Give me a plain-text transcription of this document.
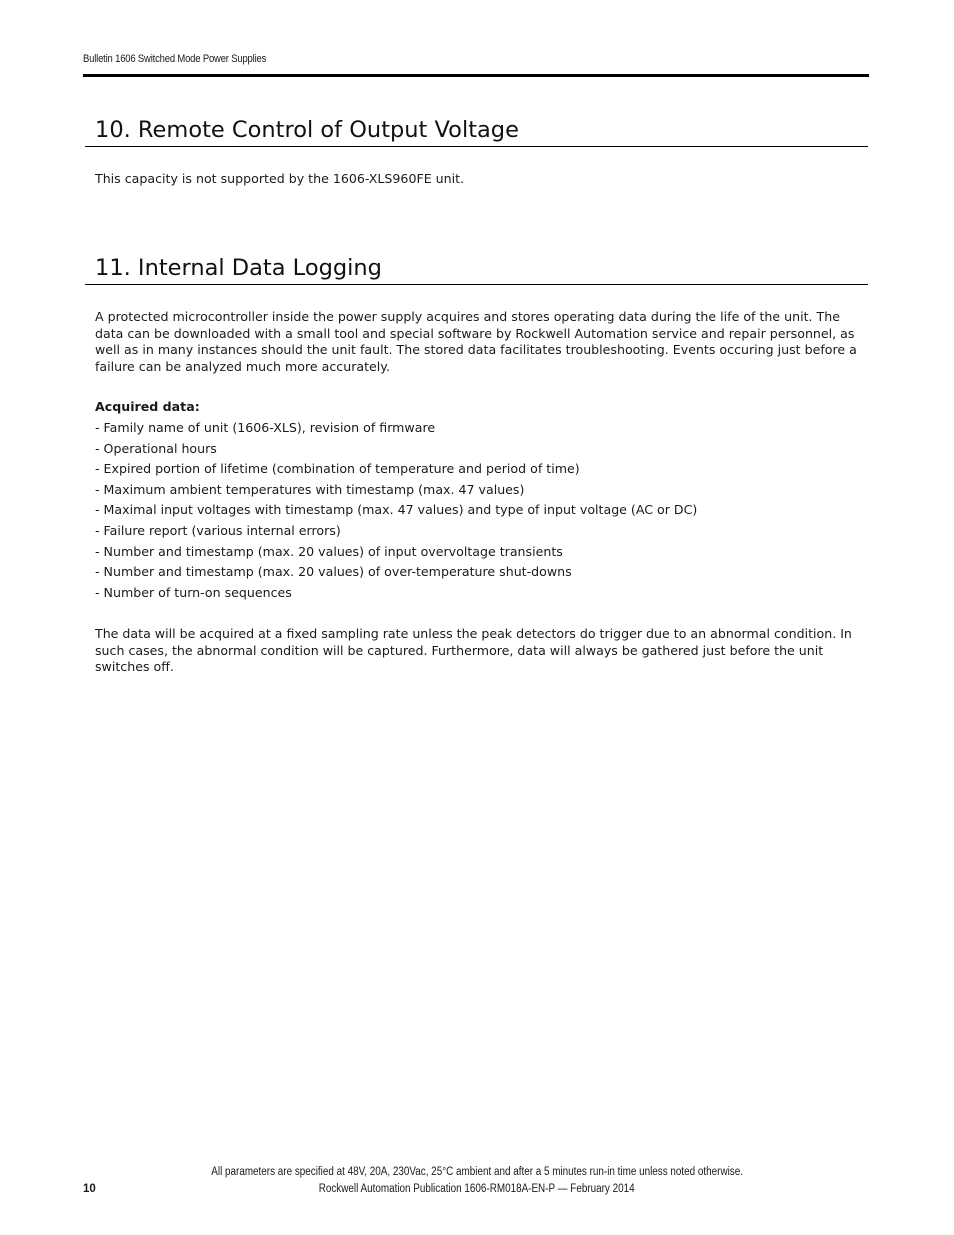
Bulletin 1606 Switched Mode Power Supplies
10. Remote Control of Output Voltage

This capacity is not supported by the 1606-XLS960FE unit.

11. Internal Data Logging

A protected microcontroller inside the power supply acquires and stores operating data during the life of the unit. The data can be downloaded with a small tool and special software by Rockwell Automation service and repair personnel, as well as in many instances should the unit fault. The stored data facilitates troubleshooting. Events occuring just before a failure can be analyzed much more accurately.

Acquired data:

- Family name of unit (1606-XLS), revision of firmware
- Operational hours
- Expired portion of lifetime (combination of temperature and period of time)
- Maximum ambient temperatures with timestamp (max. 47 values)
- Maximal input voltages with timestamp (max. 47 values) and type of input voltage (AC or DC)
- Failure report (various internal errors)
- Number and timestamp (max. 20 values) of input overvoltage transients
- Number and timestamp (max. 20 values) of over-temperature shut-downs
- Number of turn-on sequences

The data will be acquired at a fixed sampling rate unless the peak detectors do trigger due to an abnormal condition. In such cases, the abnormal condition will be captured. Furthermore, data will always be gathered just before the unit switches off.

All parameters are specified at 48V, 20A, 230Vac, 25°C ambient and after a 5 minutes run-in time unless noted otherwise.
10	Rockwell Automation Publication 1606-RM018A-EN-P — February 2014
